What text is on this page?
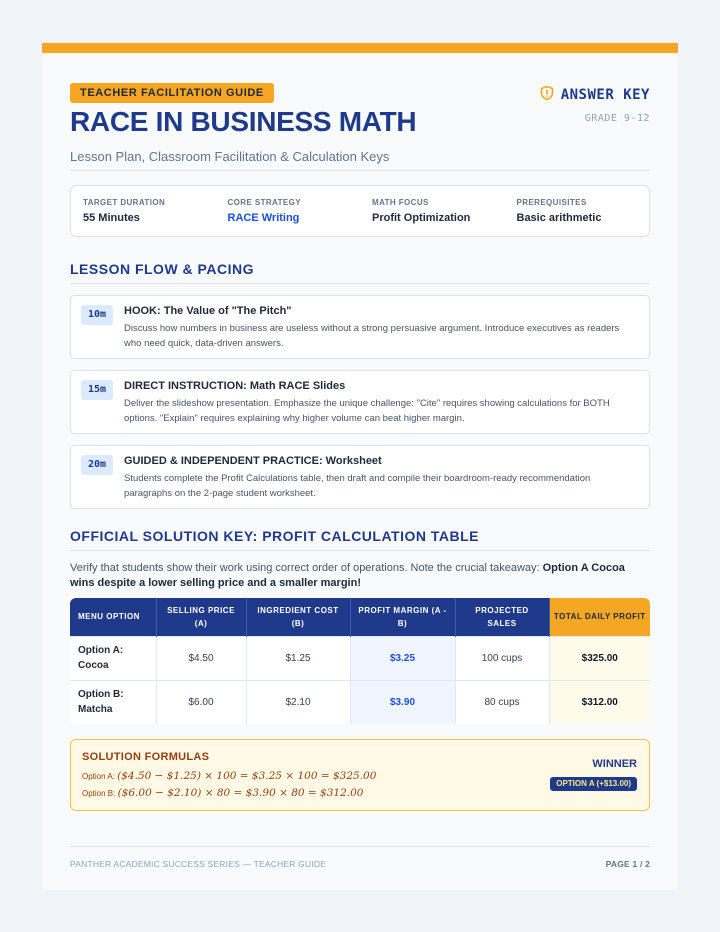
TEACHER FACILITATION GUIDE
RACE IN BUSINESS MATH
Lesson Plan, Classroom Facilitation & Calculation Keys
ANSWER KEY
GRADE 9-12
TARGET DURATION
55 Minutes
CORE STRATEGY
RACE Writing
MATH FOCUS
Profit Optimization
PREREQUISITES
Basic arithmetic
LESSON FLOW & PACING
10m	HOOK: The Value of "The Pitch"
Discuss how numbers in business are useless without a strong persuasive argument. Introduce executives as readers who need quick, data-driven answers.
15m	DIRECT INSTRUCTION: Math RACE Slides
Deliver the slideshow presentation. Emphasize the unique challenge: "Cite" requires showing calculations for BOTH options. "Explain" requires explaining why higher volume can beat higher margin.
20m	GUIDED & INDEPENDENT PRACTICE: Worksheet
Students complete the Profit Calculations table, then draft and compile their boardroom-ready recommendation paragraphs on the 2-page student worksheet.
OFFICIAL SOLUTION KEY: PROFIT CALCULATION TABLE
Verify that students show their work using correct order of operations. Note the crucial takeaway: Option A Cocoa wins despite a lower selling price and a smaller margin!
MENU OPTION	SELLING PRICE (A)	INGREDIENT COST (B)	PROFIT MARGIN (A - B)	PROJECTED SALES	TOTAL DAILY PROFIT
Option A: Cocoa	$4.50	$1.25	$3.25	100 cups	$325.00
Option B: Matcha	$6.00	$2.10	$3.90	80 cups	$312.00
SOLUTION FORMULAS
Option A: ($4.50 − $1.25) × 100 = $3.25 × 100 = $325.00
Option B: ($6.00 − $2.10) × 80 = $3.90 × 80 = $312.00
WINNER
OPTION A (+$13.00)
PANTHER ACADEMIC SUCCESS SERIES — TEACHER GUIDE	PAGE 1 / 2
